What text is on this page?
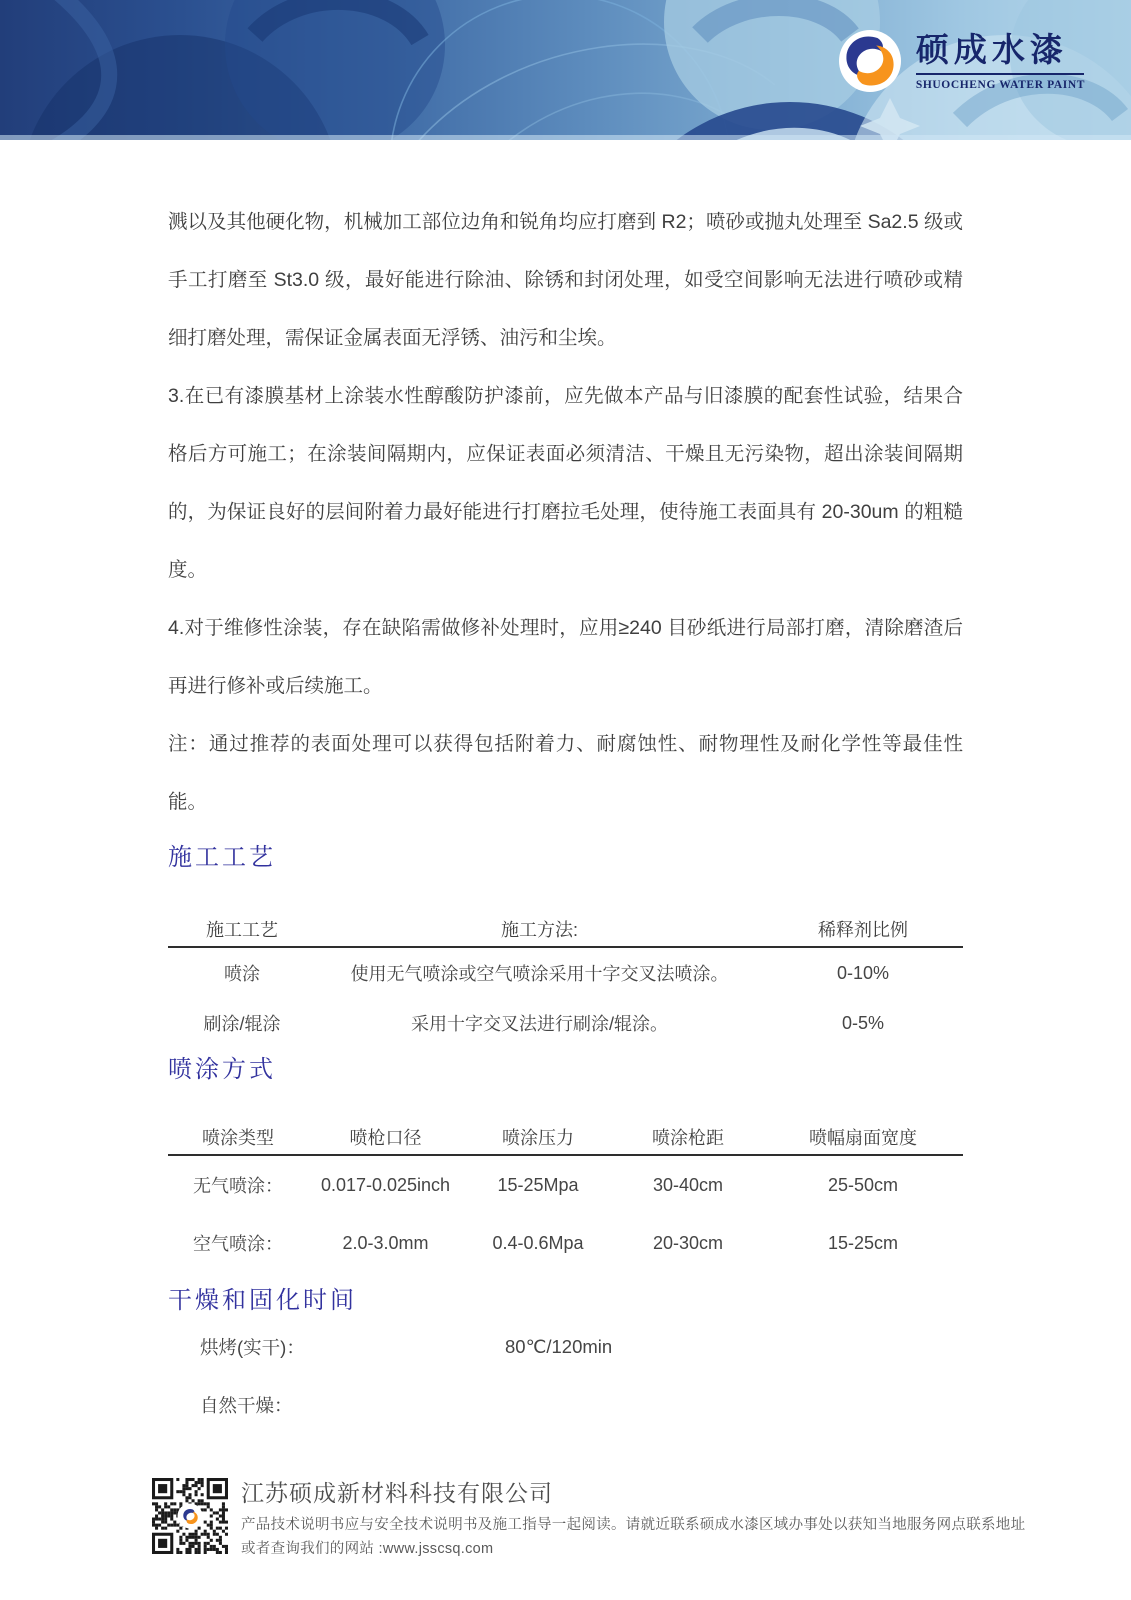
硕成水漆
SHUOCHENG WATER PAINT

溅以及其他硬化物，机械加工部位边角和锐角均应打磨到 R2；喷砂或抛丸处理至 Sa2.5 级或手工打磨至 St3.0 级，最好能进行除油、除锈和封闭处理，如受空间影响无法进行喷砂或精细打磨处理，需保证金属表面无浮锈、油污和尘埃。

3.在已有漆膜基材上涂装水性醇酸防护漆前，应先做本产品与旧漆膜的配套性试验，结果合格后方可施工；在涂装间隔期内，应保证表面必须清洁、干燥且无污染物，超出涂装间隔期的，为保证良好的层间附着力最好能进行打磨拉毛处理，使待施工表面具有 20-30um 的粗糙度。

4.对于维修性涂装，存在缺陷需做修补处理时，应用≥240 目砂纸进行局部打磨，清除磨渣后再进行修补或后续施工。

注：通过推荐的表面处理可以获得包括附着力、耐腐蚀性、耐物理性及耐化学性等最佳性能。

施工工艺
施工工艺	施工方法:	稀释剂比例
喷涂	使用无气喷涂或空气喷涂采用十字交叉法喷涂。	0-10%
刷涂/辊涂	采用十字交叉法进行刷涂/辊涂。	0-5%
喷涂方式
喷涂类型	喷枪口径	喷涂压力	喷涂枪距	喷幅扇面宽度
无气喷涂：	0.017-0.025inch	15-25Mpa	30-40cm	25-50cm
空气喷涂：	2.0-3.0mm	0.4-0.6Mpa	20-30cm	15-25cm
干燥和固化时间
烘烤(实干)：	80℃/120min
自然干燥：
江苏硕成新材料科技有限公司
产品技术说明书应与安全技术说明书及施工指导一起阅读。请就近联系硕成水漆区域办事处以获知当地服务网点联系地址
或者查询我们的网站 :www.jsscsq.com
